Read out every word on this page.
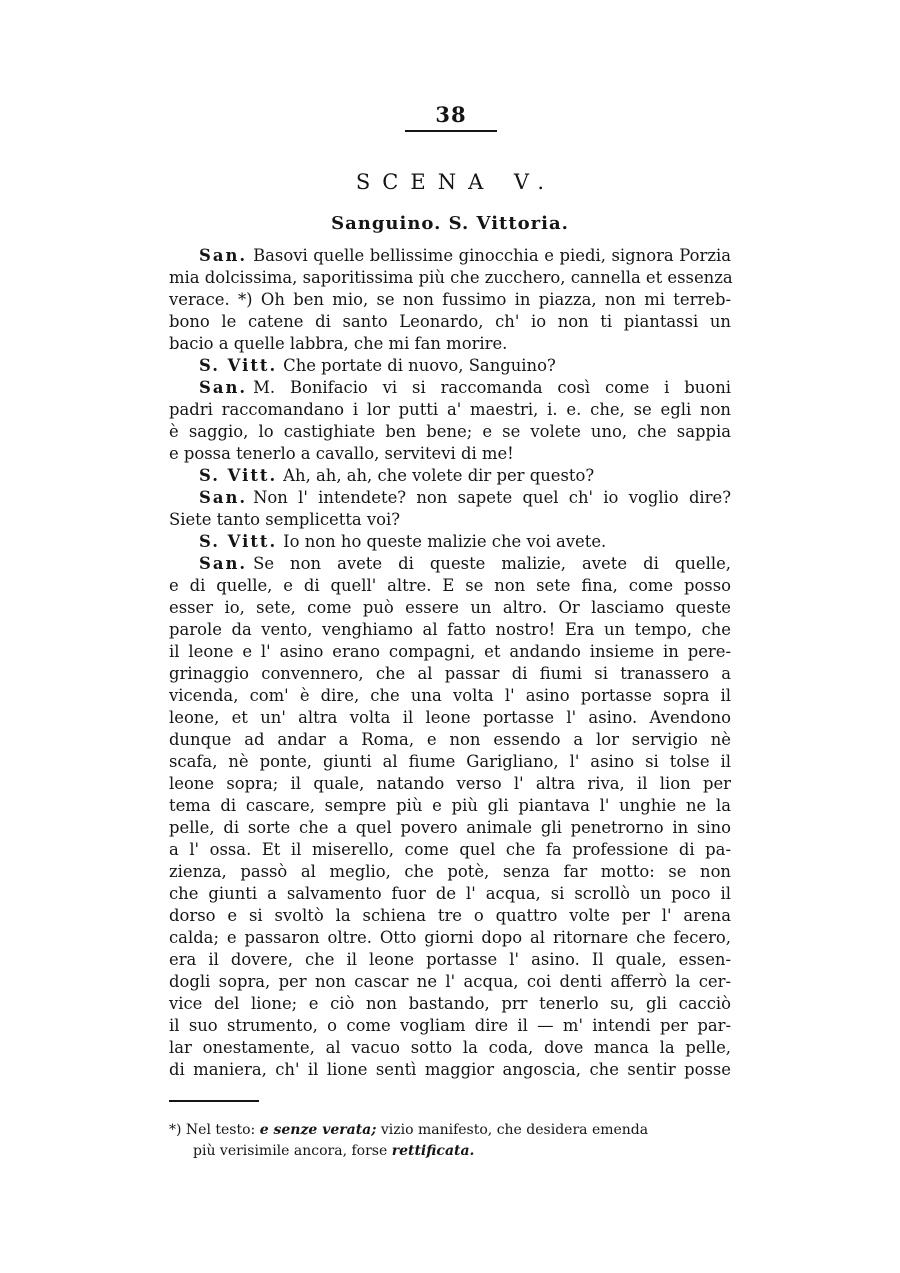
38
SCENA V.
Sanguino. S. Vittoria.
San. Basovi quelle bellissime ginocchia e piedi, signora Porzia
mia dolcissima, saporitissima più che zucchero, cannella et essenza
verace. *) Oh ben mio, se non fussimo in piazza, non mi terreb-
bono le catene di santo Leonardo, ch' io non ti piantassi un
bacio a quelle labbra, che mi fan morire.
S. Vitt. Che portate di nuovo, Sanguino?
San. M. Bonifacio vi si raccomanda così come i buoni
padri raccomandano i lor putti a' maestri, i. e. che, se egli non
è saggio, lo castighiate ben bene; e se volete uno, che sappia
e possa tenerlo a cavallo, servitevi di me!
S. Vitt. Ah, ah, ah, che volete dir per questo?
San. Non l' intendete? non sapete quel ch' io voglio dire?
Siete tanto semplicetta voi?
S. Vitt. Io non ho queste malizie che voi avete.
San. Se non avete di queste malizie, avete di quelle,
e di quelle, e di quell' altre. E se non sete fina, come posso
esser io, sete, come può essere un altro. Or lasciamo queste
parole da vento, venghiamo al fatto nostro! Era un tempo, che
il leone e l' asino erano compagni, et andando insieme in pere-
grinaggio convennero, che al passar di fiumi si tranassero a
vicenda, com' è dire, che una volta l' asino portasse sopra il
leone, et un' altra volta il leone portasse l' asino. Avendono
dunque ad andar a Roma, e non essendo a lor servigio nè
scafa, nè ponte, giunti al fiume Garigliano, l' asino si tolse il
leone sopra; il quale, natando verso l' altra riva, il lion per
tema di cascare, sempre più e più gli piantava l' unghie ne la
pelle, di sorte che a quel povero animale gli penetrorno in sino
a l' ossa. Et il miserello, come quel che fa professione di pa-
zienza, passò al meglio, che potè, senza far motto: se non
che giunti a salvamento fuor de l' acqua, si scrollò un poco il
dorso e si svoltò la schiena tre o quattro volte per l' arena
calda; e passaron oltre. Otto giorni dopo al ritornare che fecero,
era il dovere, che il leone portasse l' asino. Il quale, essen-
dogli sopra, per non cascar ne l' acqua, coi denti afferrò la cer-
vice del lione; e ciò non bastando, prr tenerlo su, gli cacciò
il suo strumento, o come vogliam dire il — m' intendi per par-
lar onestamente, al vacuo sotto la coda, dove manca la pelle,
di maniera, ch' il lione sentì maggior angoscia, che sentir posse
*) Nel testo: e senze verata; vizio manifesto, che desidera emenda
più verisimile ancora, forse rettificata.
